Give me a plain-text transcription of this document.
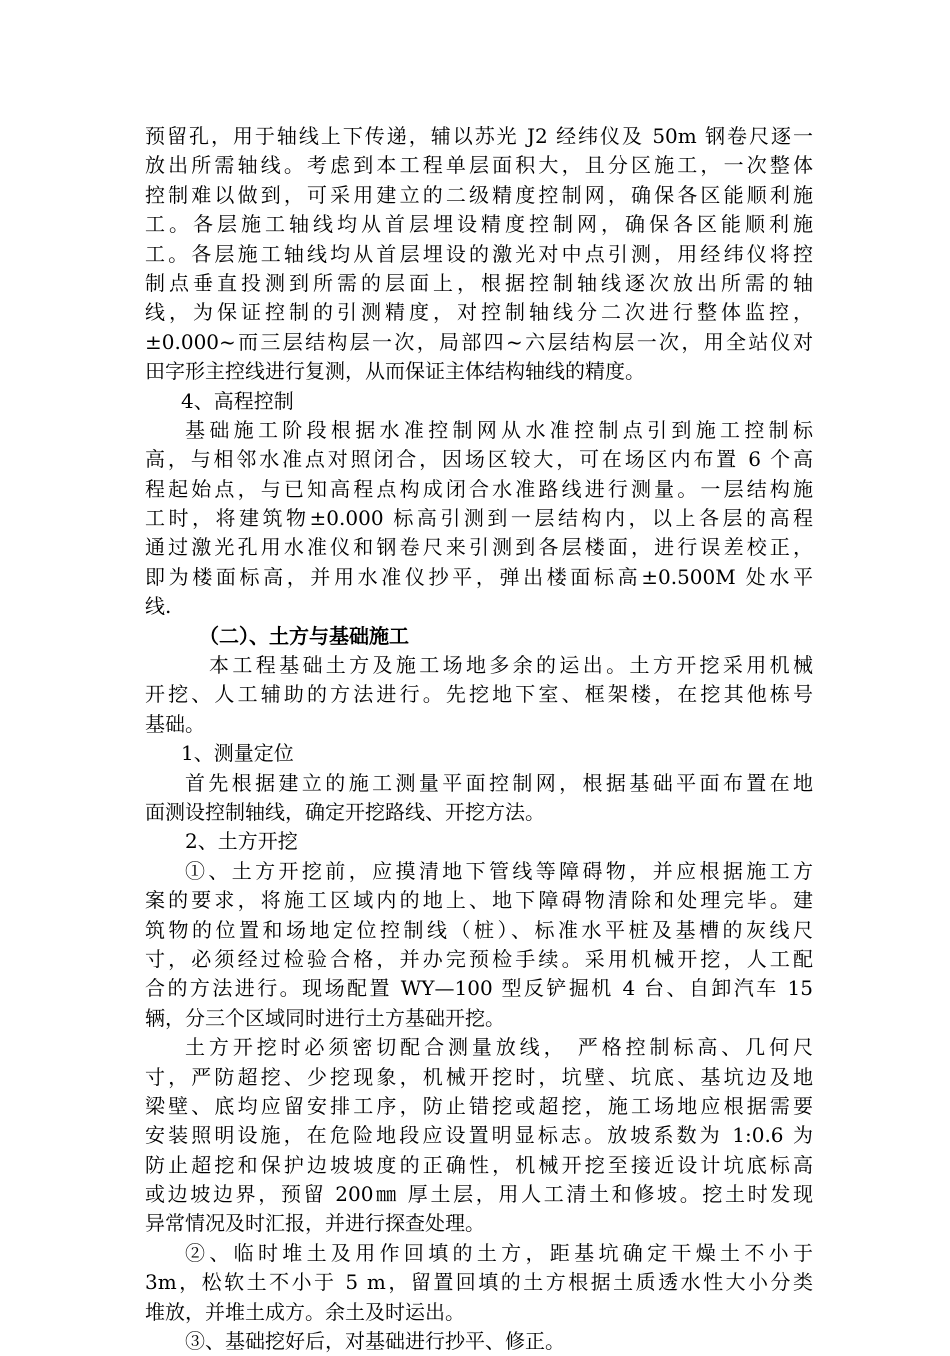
预留孔，用于轴线上下传递，辅以苏光 J2 经纬仪及 50m 钢卷尺逐一
放出所需轴线。考虑到本工程单层面积大，且分区施工，一次整体
控制难以做到，可采用建立的二级精度控制网，确保各区能顺利施
工。各层施工轴线均从首层埋设精度控制网，确保各区能顺利施
工。各层施工轴线均从首层埋设的激光对中点引测，用经纬仪将控
制点垂直投测到所需的层面上，根据控制轴线逐次放出所需的轴
线，为保证控制的引测精度，对控制轴线分二次进行整体监控，
±0.000~而三层结构层一次，局部四~六层结构层一次，用全站仪对
田字形主控线进行复测，从而保证主体结构轴线的精度。
4、高程控制
基础施工阶段根据水准控制网从水准控制点引到施工控制标
高，与相邻水准点对照闭合，因场区较大，可在场区内布置 6 个高
程起始点，与已知高程点构成闭合水准路线进行测量。一层结构施
工时，将建筑物±0.000 标高引测到一层结构内，以上各层的高程
通过激光孔用水准仪和钢卷尺来引测到各层楼面，进行误差校正，
即为楼面标高，并用水准仪抄平，弹出楼面标高±0.500M 处水平
线.
（二）、土方与基础施工
本工程基础土方及施工场地多余的运出。土方开挖采用机械
开挖、人工辅助的方法进行。先挖地下室、框架楼，在挖其他栋号
基础。
1、测量定位
首先根据建立的施工测量平面控制网，根据基础平面布置在地
面测设控制轴线，确定开挖路线、开挖方法。
2、土方开挖
①、土方开挖前，应摸清地下管线等障碍物，并应根据施工方
案的要求，将施工区域内的地上、地下障碍物清除和处理完毕。建
筑物的位置和场地定位控制线（桩）、标准水平桩及基槽的灰线尺
寸，必须经过检验合格，并办完预检手续。采用机械开挖，人工配
合的方法进行。现场配置 WY—100 型反铲掘机 4 台、自卸汽车 15
辆，分三个区域同时进行土方基础开挖。
土方开挖时必须密切配合测量放线， 严格控制标高、几何尺
寸，严防超挖、少挖现象，机械开挖时，坑壁、坑底、基坑边及地
梁壁、底均应留安排工序，防止错挖或超挖，施工场地应根据需要
安装照明设施，在危险地段应设置明显标志。放坡系数为 1:0.6 为
防止超挖和保护边坡坡度的正确性，机械开挖至接近设计坑底标高
或边坡边界，预留 200㎜ 厚土层，用人工清土和修坡。挖土时发现
异常情况及时汇报，并进行探查处理。
②、临时堆土及用作回填的土方，距基坑确定干燥土不小于
3m，松软土不小于 5 m，留置回填的土方根据土质透水性大小分类
堆放，并堆土成方。余土及时运出。
③、基础挖好后，对基础进行抄平、修正。
